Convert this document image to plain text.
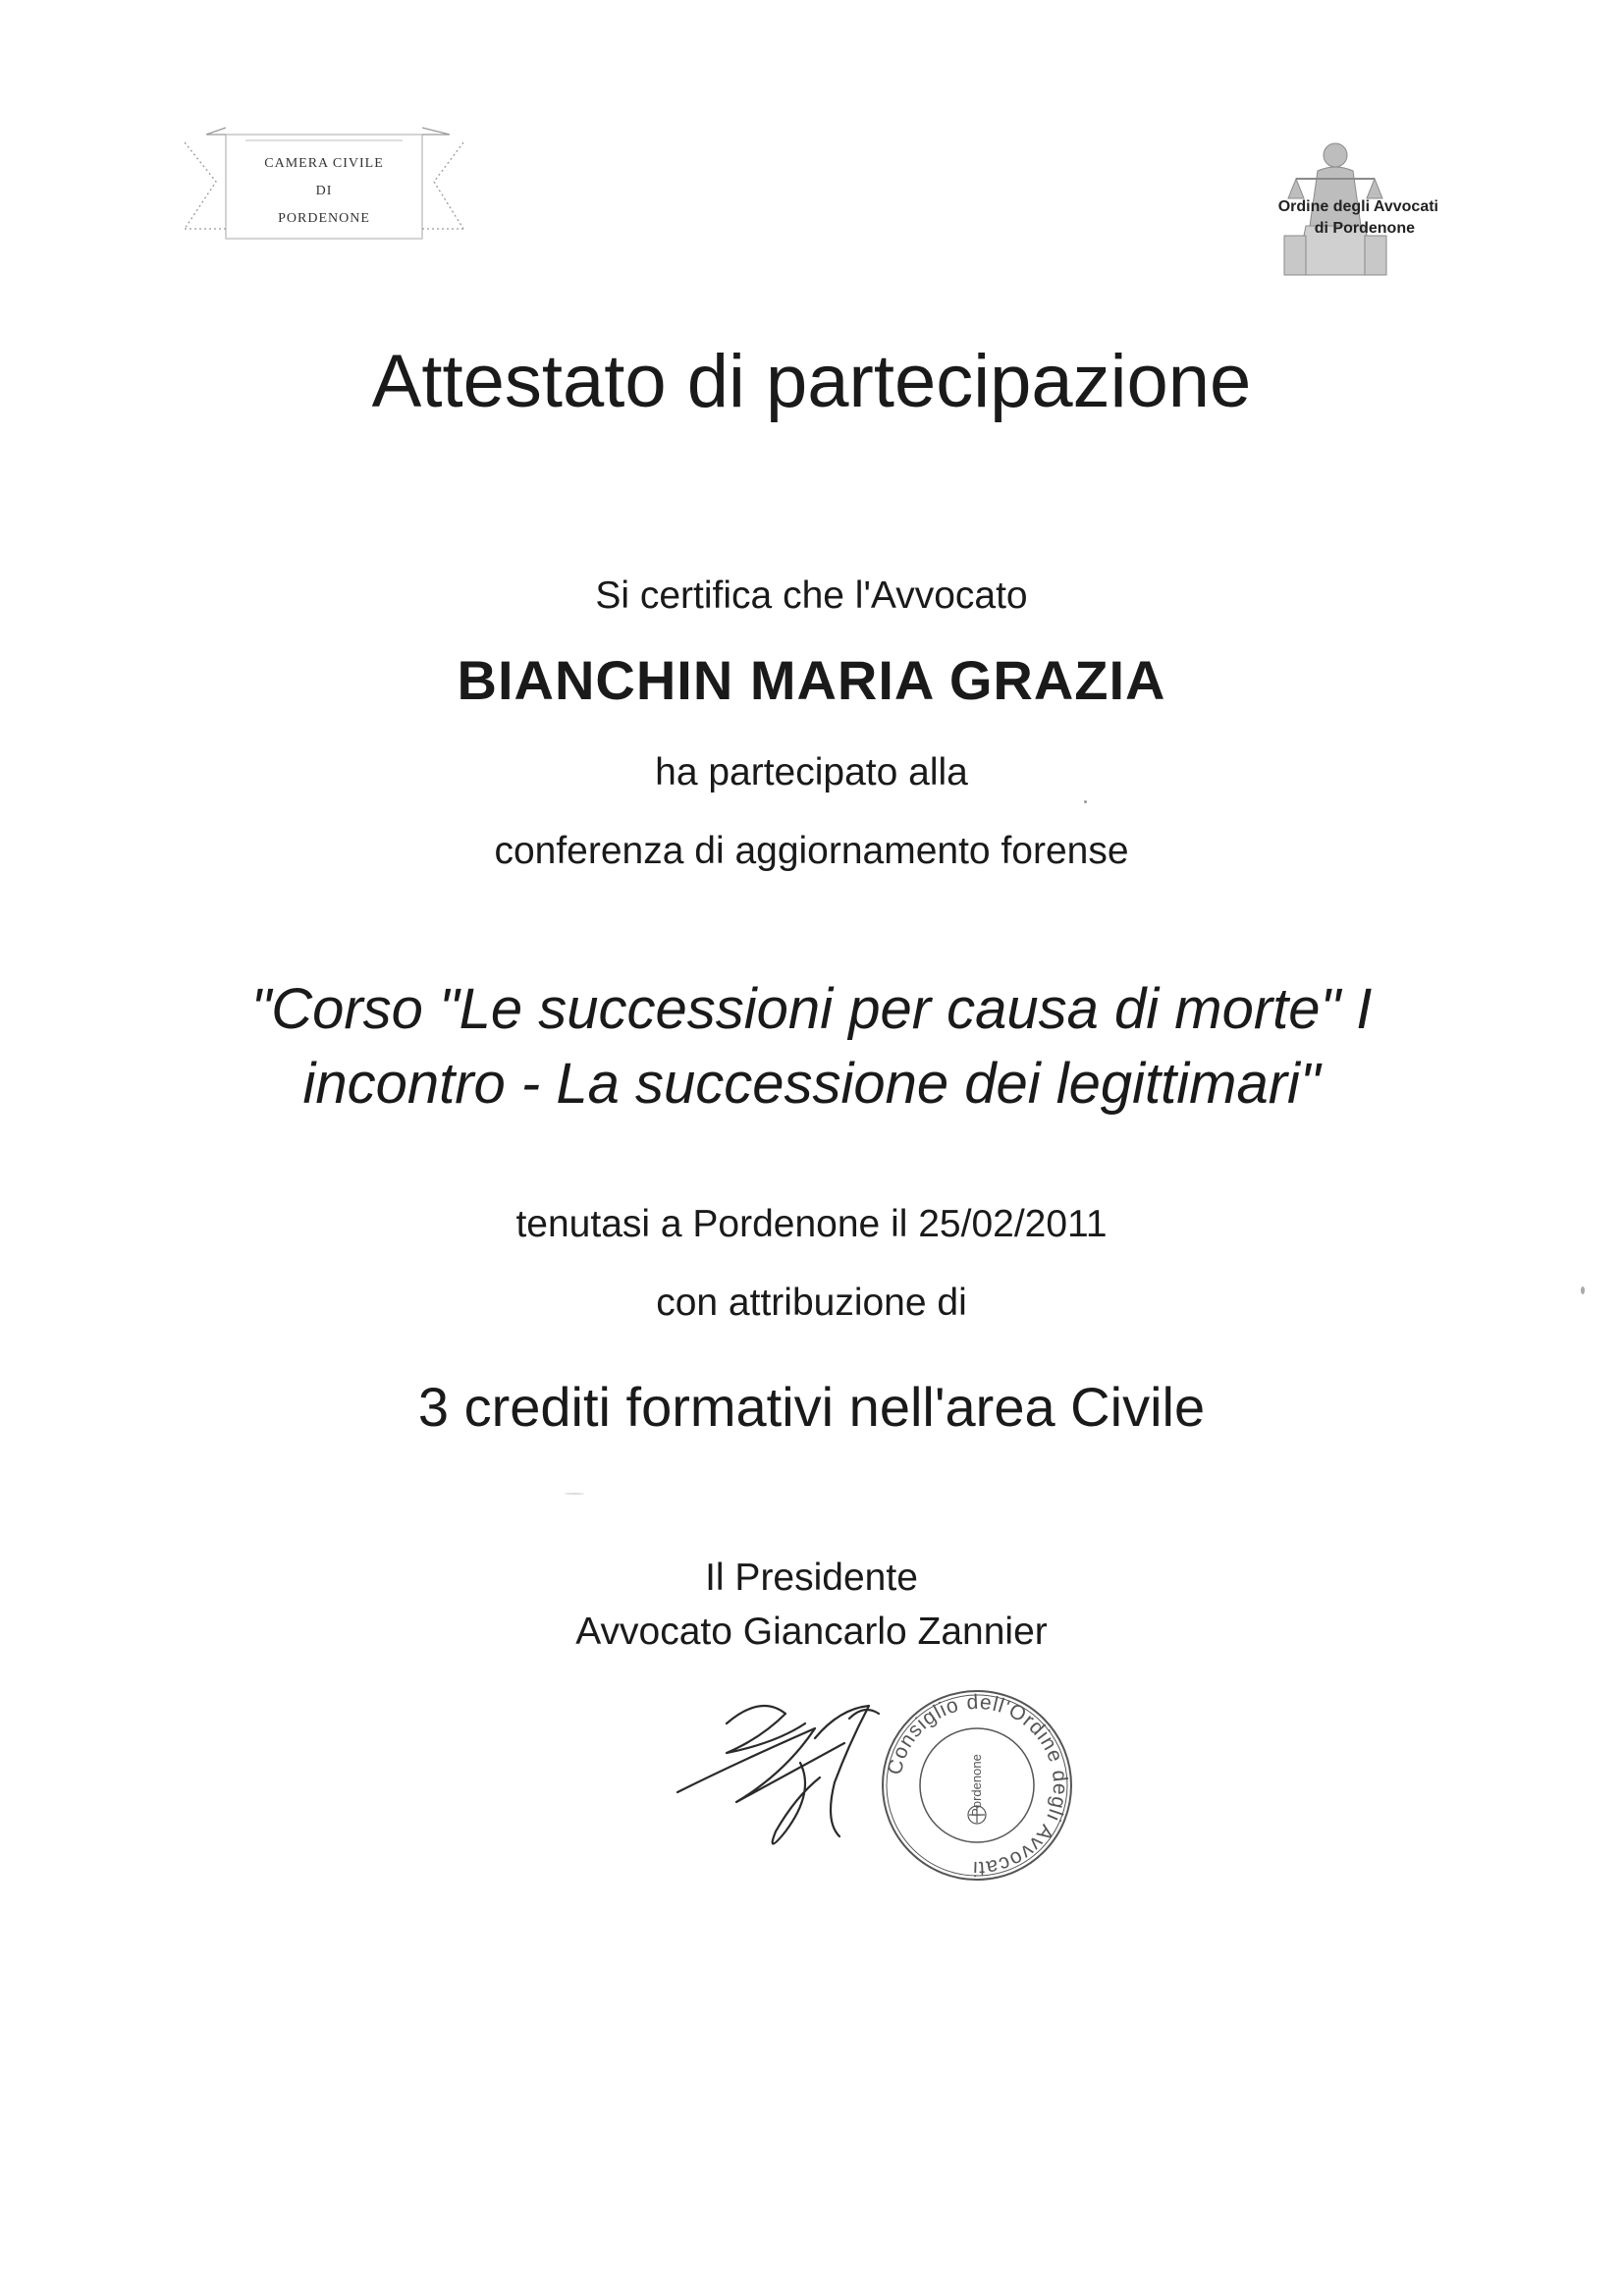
CAMERA CIVILE
DI
PORDENONE
Ordine degli Avvocati
di Pordenone
Attestato di partecipazione
Si certifica che l'Avvocato
BIANCHIN MARIA GRAZIA
ha partecipato alla
conferenza di aggiornamento forense
"Corso "Le successioni per causa di morte" I
incontro - La successione dei legittimari"
tenutasi a Pordenone il 25/02/2011
con attribuzione di
3 crediti formativi nell'area Civile
Il Presidente
Avvocato Giancarlo Zannier
Consiglio dell'Ordine degli Avvocati
Pordenone
